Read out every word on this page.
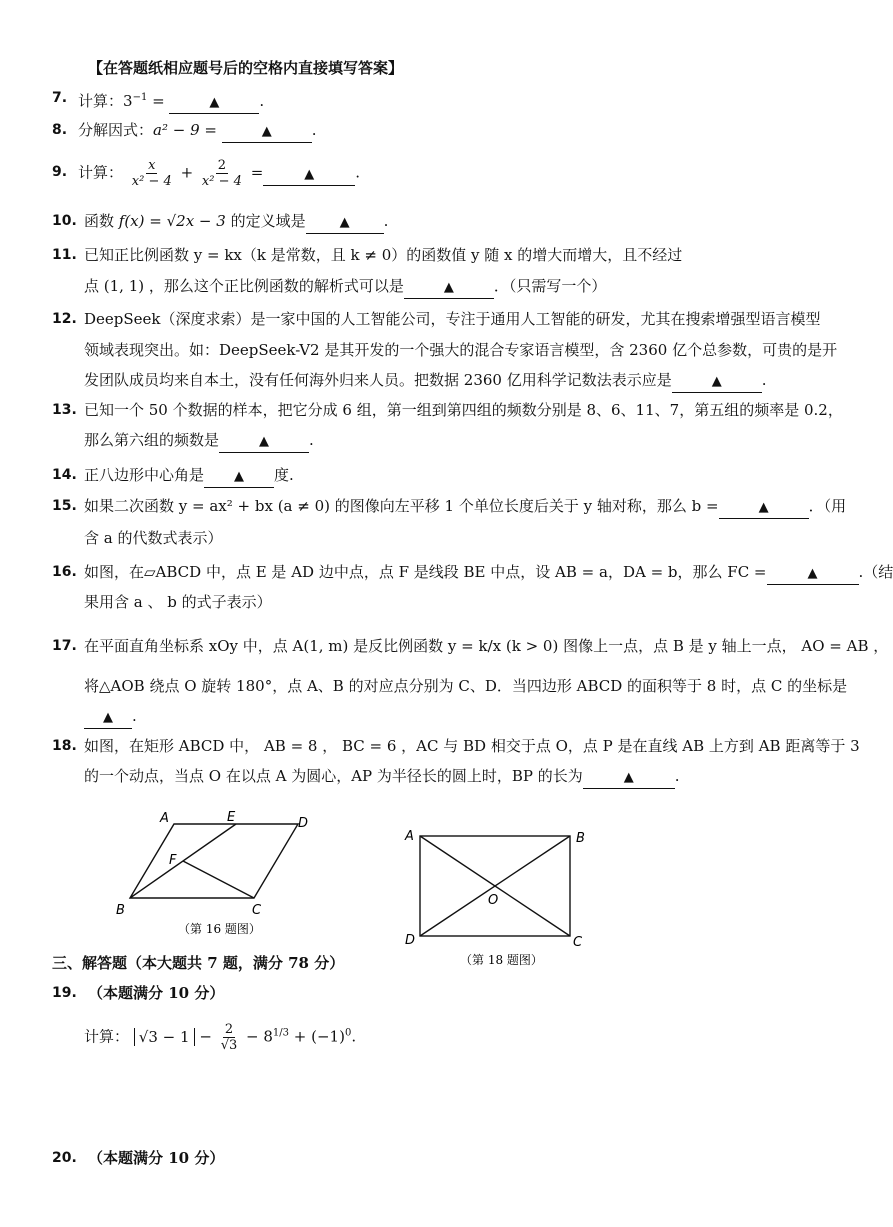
【在答题纸相应题号后的空格内直接填写答案】
7. 计算：$3^{-1}$ = ▲	.
8. 分解因式：a² − 9 = ▲	.
9. 计算： $\frac{x}{\text{x² − 4}} + \frac{2}{\text{x² − 4}}$ = ▲	.
10. 函数 f(x) = √2x − 3 的定义域是 ▲	.
11. 已知正比例函数 y = kx（k 是常数，且 k ≠ 0）的函数值 y 随 x 的增大而增大，且不经过
点 (1, 1) ，那么这个正比例函数的解析式可以是 ▲	．（只需写一个）
12. DeepSeek（深度求索）是一家中国的人工智能公司，专注于通用人工智能的研发，尤其在搜索增强型语言模型
领域表现突出。如：DeepSeek-V2 是其开发的一个强大的混合专家语言模型，含 2360 亿个总参数，可贵的是开
发团队成员均来自本土，没有任何海外归来人员。把数据 2360 亿用科学记数法表示应是 ▲	.
13. 已知一个 50 个数据的样本，把它分成 6 组，第一组到第四组的频数分别是 8、6、11、7，第五组的频率是 0.2，
那么第六组的频数是 ▲	.
14. 正八边形中心角是 ▲	度.
15. 如果二次函数 y = ax² + bx (a ≠ 0) 的图像向左平移 1 个单位长度后关于 y 轴对称，那么 b = ▲	．（用
含 a 的代数式表示）
16. 如图，在▱ABCD 中，点 E 是 AD 边中点，点 F 是线段 BE 中点，设 AB = a，DA = b，那么 FC = ▲	.（结
果用含 a 、 b 的式子表示）
17. 在平面直角坐标系 xOy 中，点 A(1, m) 是反比例函数 y = k/x (k > 0) 图像上一点，点 B 是 y 轴上一点， AO = AB ，
将△AOB 绕点 O 旋转 180°，点 A、B 的对应点分别为 C、D．当四边形 ABCD 的面积等于 8 时，点 C 的坐标是
▲.
18. 如图，在矩形 ABCD 中， AB = 8 ， BC = 6 ，AC 与 BD 相交于点 O，点 P 是在直线 AB 上方到 AB 距离等于 3
的一个动点，当点 O 在以点 A 为圆心，AP 为半径长的圆上时，BP 的长为 ▲	.
A	E	D
F
B	C
（第 16 题图）
A	B
D	C
O
（第 18 题图）
三、解答题（本大题共 7 题，满分 78 分）
19. （本题满分 10 分）
计算： $√3 - 1 - \frac{2}{√3} - 8^{1/3} + (-1)^0$.
20. （本题满分 10 分）
